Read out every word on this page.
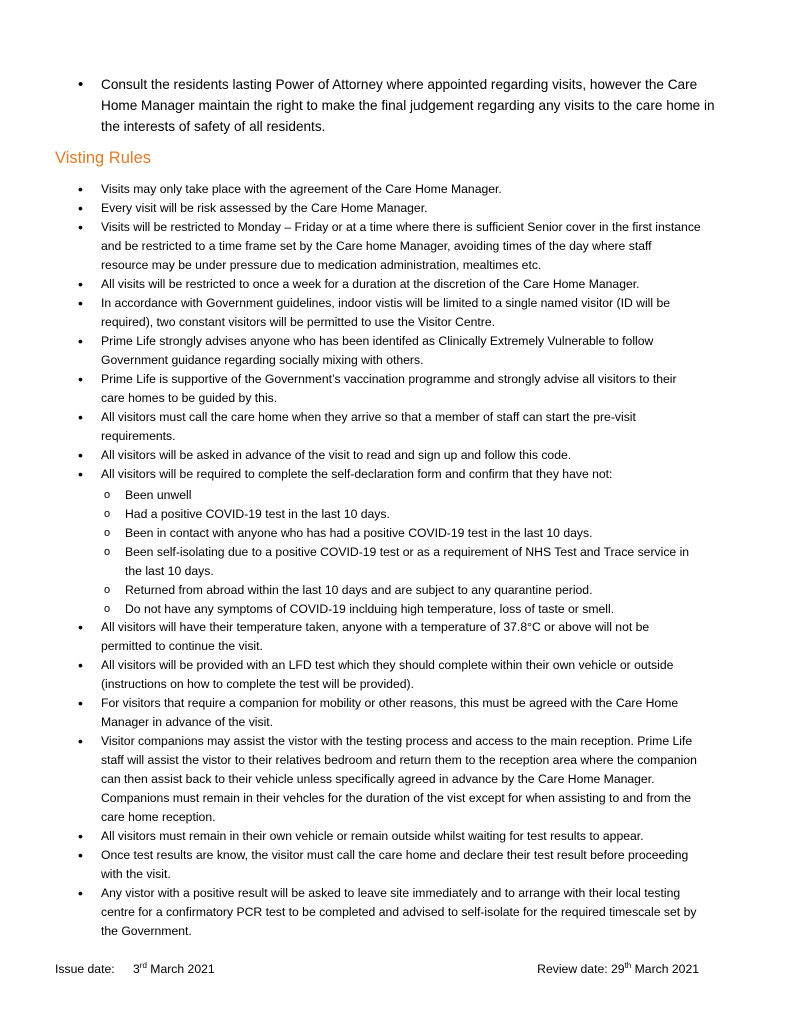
• Consult the residents lasting Power of Attorney where appointed regarding visits, however the Care Home Manager maintain the right to make the final judgement regarding any visits to the care home in the interests of safety of all residents.
Visting Rules
• Visits may only take place with the agreement of the Care Home Manager.
• Every visit will be risk assessed by the Care Home Manager.
• Visits will be restricted to Monday – Friday or at a time where there is sufficient Senior cover in the first instance and be restricted to a time frame set by the Care home Manager, avoiding times of the day where staff resource may be under pressure due to medication administration, mealtimes etc.
• All visits will be restricted to once a week for a duration at the discretion of the Care Home Manager.
• In accordance with Government guidelines, indoor vistis will be limited to a single named visitor (ID will be required), two constant visitors will be permitted to use the Visitor Centre.
• Prime Life strongly advises anyone who has been identifed as Clinically Extremely Vulnerable to follow Government guidance regarding socially mixing with others.
• Prime Life is supportive of the Government’s vaccination programme and strongly advise all visitors to their care homes to be guided by this.
• All visitors must call the care home when they arrive so that a member of staff can start the pre-visit requirements.
• All visitors will be asked in advance of the visit to read and sign up and follow this code.
• All visitors will be required to complete the self-declaration form and confirm that they have not:
o Been unwell
o Had a positive COVID-19 test in the last 10 days.
o Been in contact with anyone who has had a positive COVID-19 test in the last 10 days.
o Been self-isolating due to a positive COVID-19 test or as a requirement of NHS Test and Trace service in the last 10 days.
o Returned from abroad within the last 10 days and are subject to any quarantine period.
o Do not have any symptoms of COVID-19 inclduing high temperature, loss of taste or smell.
• All visitors will have their temperature taken, anyone with a temperature of 37.8°C or above will not be permitted to continue the visit.
• All visitors will be provided with an LFD test which they should complete within their own vehicle or outside (instructions on how to complete the test will be provided).
• For visitors that require a companion for mobility or other reasons, this must be agreed with the Care Home Manager in advance of the visit.
• Visitor companions may assist the vistor with the testing process and access to the main reception. Prime Life staff will assist the vistor to their relatives bedroom and return them to the reception area where the companion can then assist back to their vehicle unless specifically agreed in advance by the Care Home Manager. Companions must remain in their vehcles for the duration of the vist except for when assisting to and from the care home reception.
• All visitors must remain in their own vehicle or remain outside whilst waiting for test results to appear.
• Once test results are know, the visitor must call the care home and declare their test result before proceeding with the visit.
• Any vistor with a positive result will be asked to leave site immediately and to arrange with their local testing centre for a confirmatory PCR test to be completed and advised to self-isolate for the required timescale set by the Government.
Issue date: 3rd March 2021	Review date: 29th March 2021
